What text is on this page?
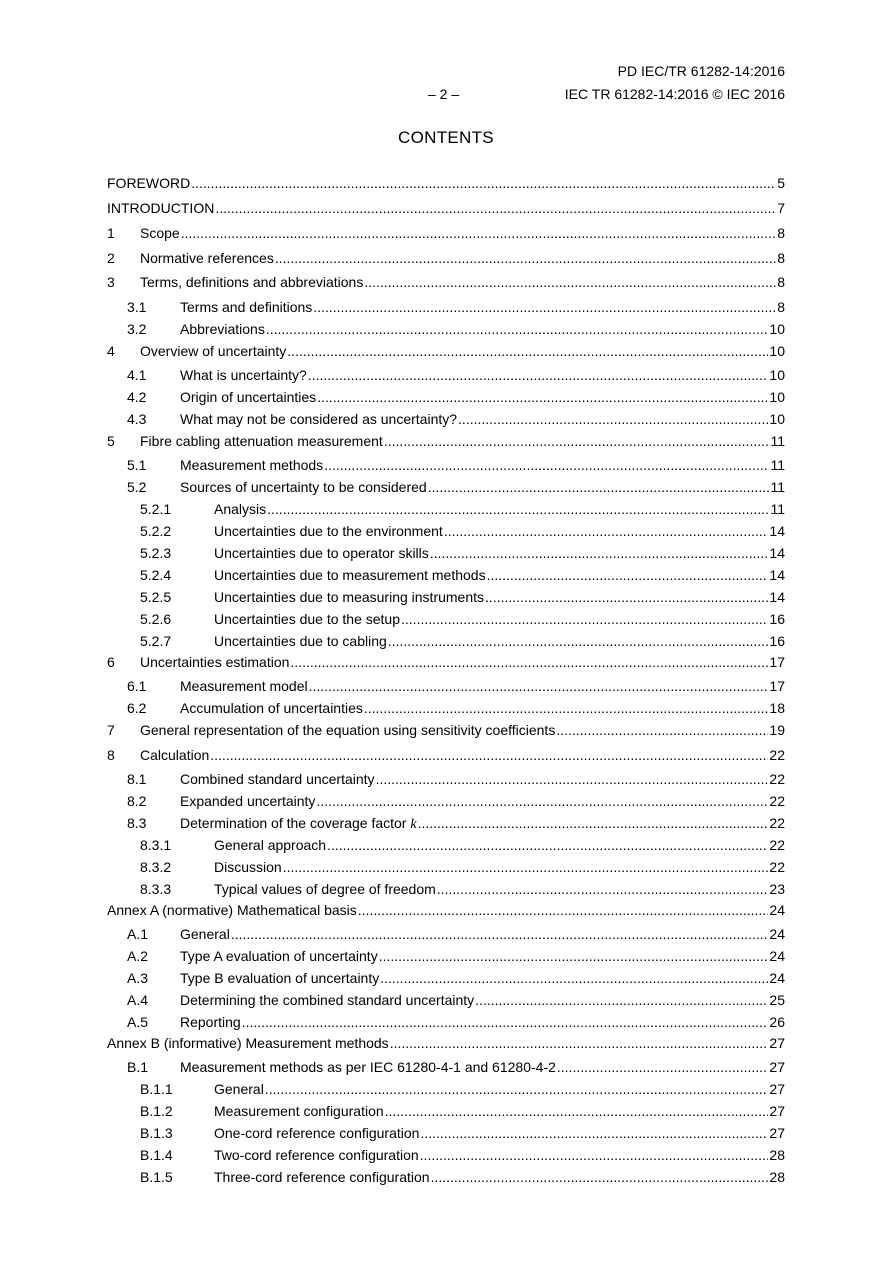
PD IEC/TR 61282-14:2016
– 2 –	IEC TR 61282-14:2016 © IEC 2016
CONTENTS
FOREWORD .....	5
INTRODUCTION .....	7
1	Scope .....	8
2	Normative references .....	8
3	Terms, definitions and abbreviations .....	8
3.1	Terms and definitions .....	8
3.2	Abbreviations .....	10
4	Overview of uncertainty .....	10
4.1	What is uncertainty? .....	10
4.2	Origin of uncertainties .....	10
4.3	What may not be considered as uncertainty? .....	10
5	Fibre cabling attenuation measurement .....	11
5.1	Measurement methods .....	11
5.2	Sources of uncertainty to be considered .....	11
5.2.1	Analysis .....	11
5.2.2	Uncertainties due to the environment .....	14
5.2.3	Uncertainties due to operator skills .....	14
5.2.4	Uncertainties due to measurement methods .....	14
5.2.5	Uncertainties due to measuring instruments .....	14
5.2.6	Uncertainties due to the setup .....	16
5.2.7	Uncertainties due to cabling .....	16
6	Uncertainties estimation .....	17
6.1	Measurement model .....	17
6.2	Accumulation of uncertainties .....	18
7	General representation of the equation using sensitivity coefficients .....	19
8	Calculation .....	22
8.1	Combined standard uncertainty .....	22
8.2	Expanded uncertainty .....	22
8.3	Determination of the coverage factor k .....	22
8.3.1	General approach .....	22
8.3.2	Discussion .....	22
8.3.3	Typical values of degree of freedom .....	23
Annex A (normative) Mathematical basis .....	24
A.1	General .....	24
A.2	Type A evaluation of uncertainty .....	24
A.3	Type B evaluation of uncertainty .....	24
A.4	Determining the combined standard uncertainty .....	25
A.5	Reporting .....	26
Annex B (informative) Measurement methods .....	27
B.1	Measurement methods as per IEC 61280-4-1 and 61280-4-2 .....	27
B.1.1	General .....	27
B.1.2	Measurement configuration .....	27
B.1.3	One-cord reference configuration .....	27
B.1.4	Two-cord reference configuration .....	28
B.1.5	Three-cord reference configuration .....	28
